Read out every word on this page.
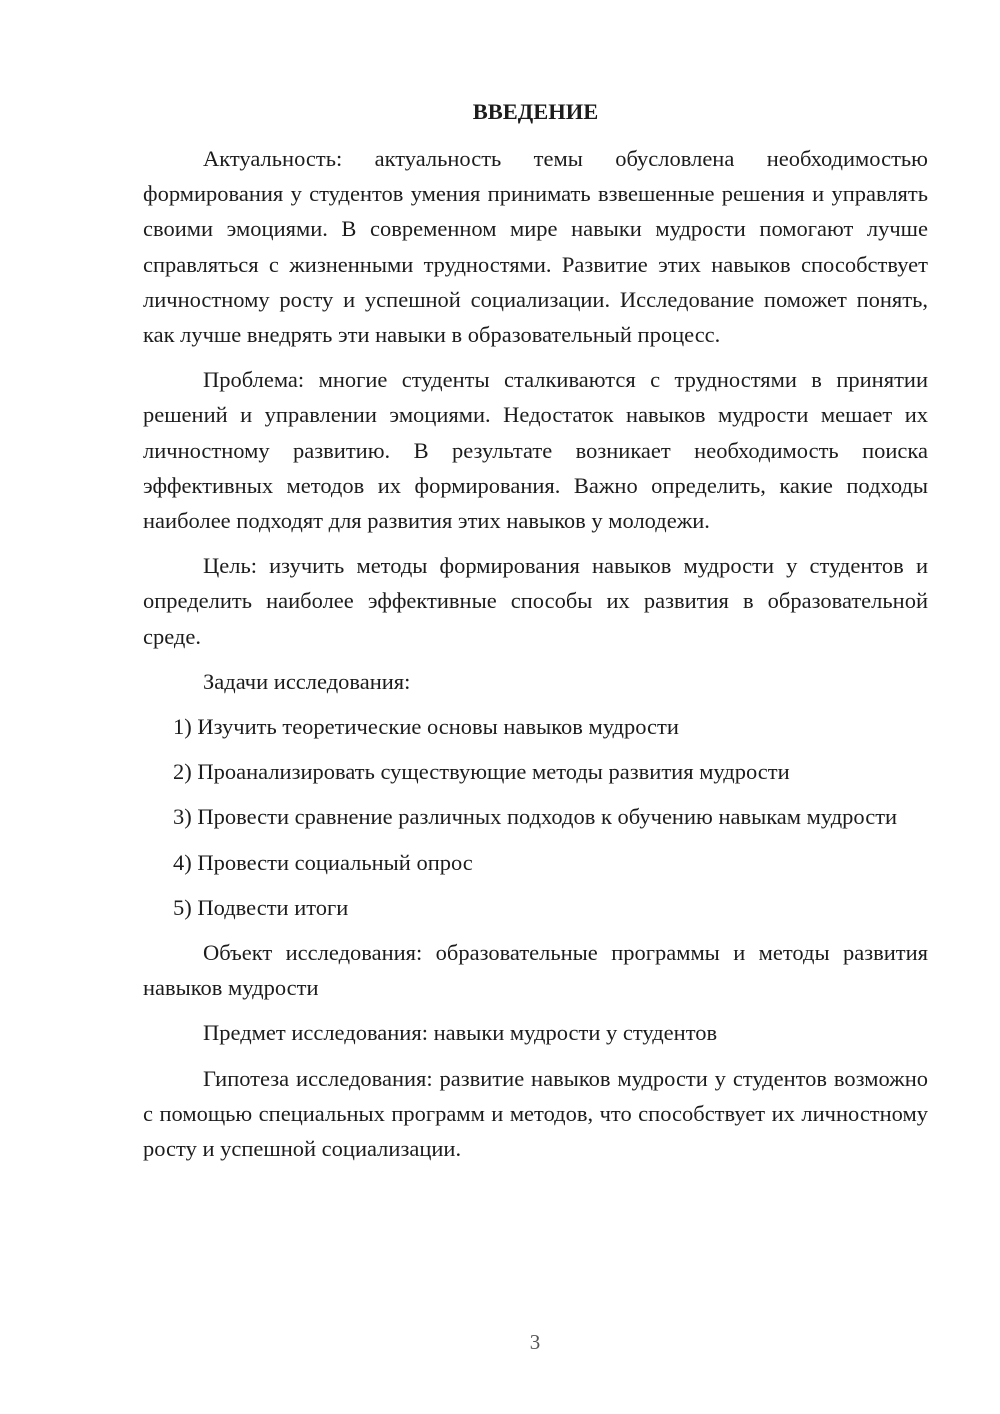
ВВЕДЕНИЕ

Актуальность: актуальность темы обусловлена необходимостью формирования у студентов умения принимать взвешенные решения и управлять своими эмоциями. В современном мире навыки мудрости помогают лучше справляться с жизненными трудностями. Развитие этих навыков способствует личностному росту и успешной социализации. Исследование поможет понять, как лучше внедрять эти навыки в образовательный процесс.

Проблема: многие студенты сталкиваются с трудностями в принятии решений и управлении эмоциями. Недостаток навыков мудрости мешает их личностному развитию. В результате возникает необходимость поиска эффективных методов их формирования. Важно определить, какие подходы наиболее подходят для развития этих навыков у молодежи.

Цель: изучить методы формирования навыков мудрости у студентов и определить наиболее эффективные способы их развития в образовательной среде.

Задачи исследования:

1) Изучить теоретические основы навыков мудрости

2) Проанализировать существующие методы развития мудрости

3) Провести сравнение различных подходов к обучению навыкам мудрости

4) Провести социальный опрос

5) Подвести итоги

Объект исследования: образовательные программы и методы развития навыков мудрости

Предмет исследования: навыки мудрости у студентов

Гипотеза исследования: развитие навыков мудрости у студентов возможно с помощью специальных программ и методов, что способствует их личностному росту и успешной социализации.

3
